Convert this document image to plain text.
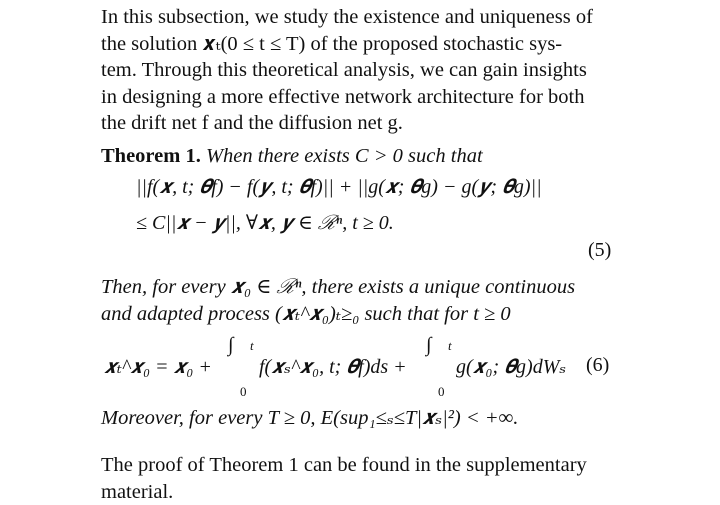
In this subsection, we study the existence and uniqueness of
the solution 𝒙ₜ(0 ≤ t ≤ T) of the proposed stochastic sys-
tem. Through this theoretical analysis, we can gain insights
in designing a more effective network architecture for both
the drift net f and the diffusion net g.
Theorem 1. When there exists C > 0 such that
||f(𝒙, t; 𝜽f) − f(𝒚, t; 𝜽f)|| + ||g(𝒙; 𝜽g) − g(𝒚; 𝜽g)||
≤ C||𝒙 − 𝒚||, ∀𝒙, 𝒚 ∈ ℛⁿ, t ≥ 0.
(5)
Then, for every 𝒙₀ ∈ ℛⁿ, there exists a unique continuous
and adapted process (𝒙ₜ^𝒙₀)ₜ≥₀ such that for t ≥ 0
𝒙ₜ^𝒙₀ = 𝒙₀ +
∫ t
0
f(𝒙ₛ^𝒙₀, t; 𝜽f)ds +
∫ t
0
g(𝒙₀; 𝜽g)dWₛ (6)
Moreover, for every T ≥ 0, E(sup₁≤ₛ≤T|𝒙ₛ|²) < +∞.
The proof of Theorem 1 can be found in the supplementary
material.
